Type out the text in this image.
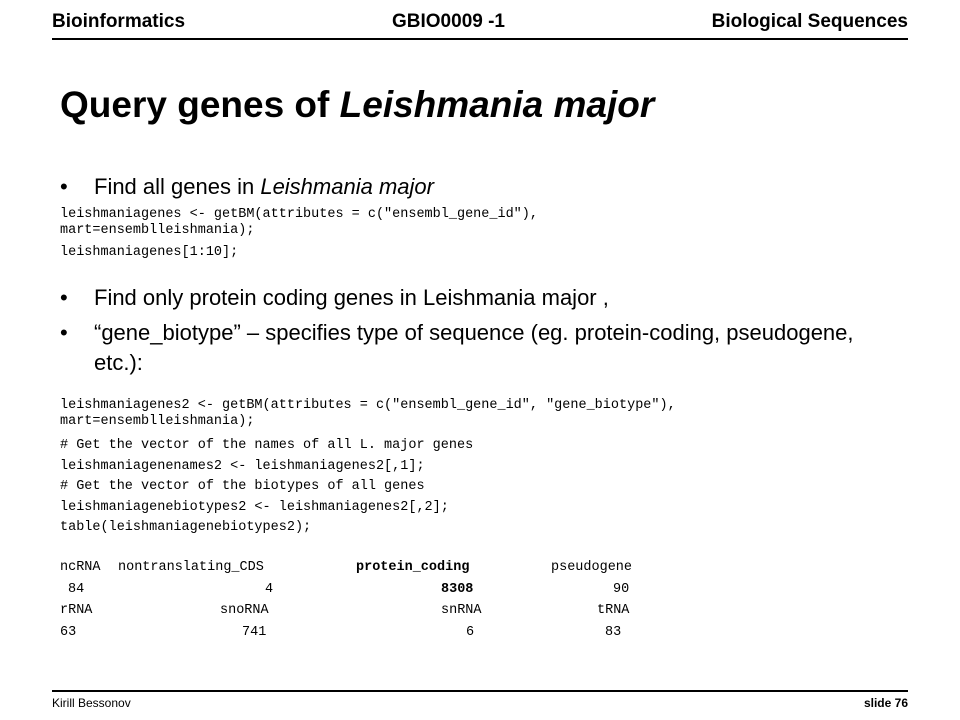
Bioinformatics	GBIO0009 -1	Biological Sequences
Query genes of Leishmania major
• Find all genes in Leishmania major
leishmaniagenes <- getBM(attributes = c("ensembl_gene_id"),
mart=ensemblleishmania);

leishmaniagenes[1:10];
• Find only protein coding genes in Leishmania major ,
• “gene_biotype” – specifies type of sequence (eg. protein-coding, pseudogene, etc.):
leishmaniagenes2 <- getBM(attributes = c("ensembl_gene_id", "gene_biotype"),
mart=ensemblleishmania);
# Get the vector of the names of all L. major genes
leishmaniagenenames2 <- leishmaniagenes2[,1];
# Get the vector of the biotypes of all genes
leishmaniagenebiotypes2 <- leishmaniagenes2[,2];
table(leishmaniagenebiotypes2);
ncRNA nontranslating_CDS	protein_coding	pseudogene
84	4	8308	90
rRNA	snoRNA	snRNA	tRNA
63	741	6	83
Kirill Bessonov	slide 76
